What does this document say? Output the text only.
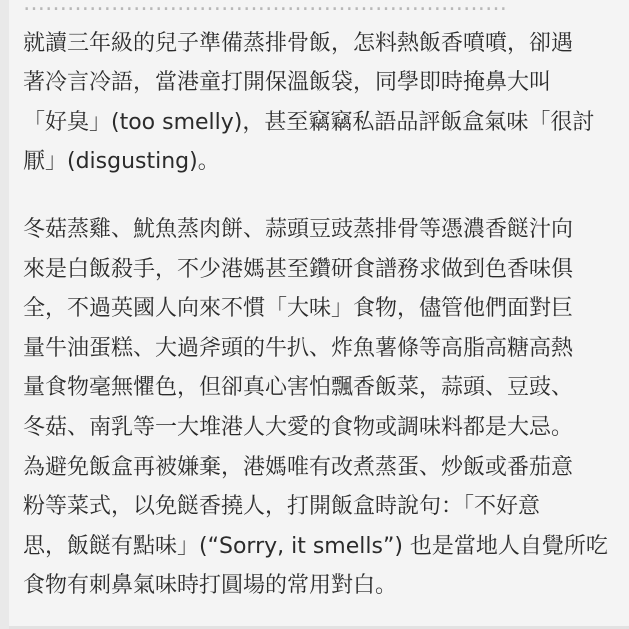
…………………………………………………………
就讀三年級的兒子準備蒸排骨飯，怎料熱飯香噴噴，卻遇
著冷言冷語，當港童打開保溫飯袋，同學即時掩鼻大叫
「好臭」(too smelly)，甚至竊竊私語品評飯盒氣味「很討
厭」(disgusting)。

冬菇蒸雞、魷魚蒸肉餅、蒜頭豆豉蒸排骨等憑濃香餸汁向
來是白飯殺手，不少港媽甚至鑽研食譜務求做到色香味俱
全，不過英國人向來不慣「大味」食物，儘管他們面對巨
量牛油蛋糕、大過斧頭的牛扒、炸魚薯條等高脂高糖高熱
量食物毫無懼色，但卻真心害怕飄香飯菜，蒜頭、豆豉、
冬菇、南乳等一大堆港人大愛的食物或調味料都是大忌。
為避免飯盒再被嫌棄，港媽唯有改煮蒸蛋、炒飯或番茄意
粉等菜式，以免餸香撓人，打開飯盒時說句：「不好意
思，飯餸有點味」(“Sorry, it smells”) 也是當地人自覺所吃
食物有刺鼻氣味時打圓場的常用對白。
